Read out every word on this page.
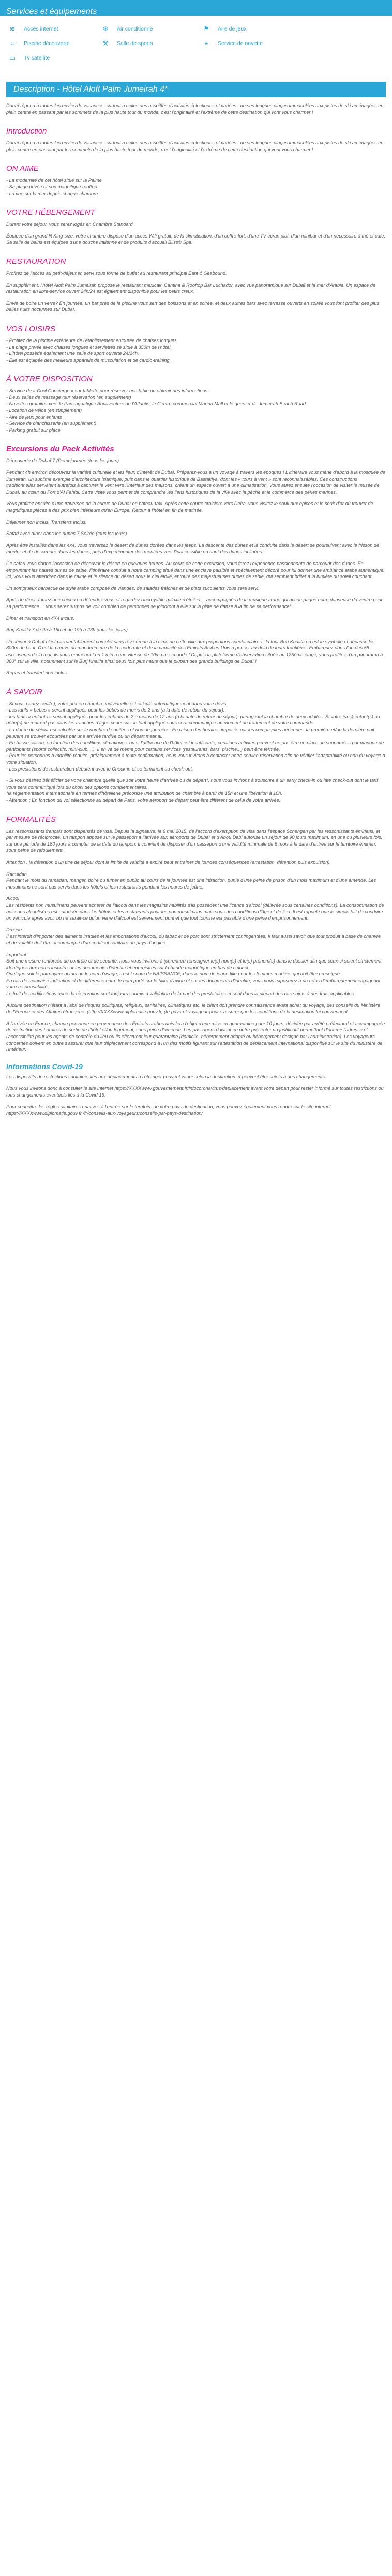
Services et équipements
≋	Accès internet	❄	Air conditionné	⚑	Aire de jeux
≈	Piscine découverte	⚒	Salle de sports	◓	Service de navette
▭	Tv satellite
Description - Hôtel Aloft Palm Jumeirah 4*

Dubaï répond à toutes les envies de vacances, surtout à celles des assoiffés d'activités éclectiques et variées : de ses longues plages immaculées aux pistes de ski aménagées en plein centre en passant par les sommets de la plus haute tour du monde, c'est l'originalité et l'extrême de cette destination qui vont vous charmer !

Introduction

Dubaï répond à toutes les envies de vacances, surtout à celles des assoiffés d'activités éclectiques et variées : de ses longues plages immaculées aux pistes de ski aménagées en plein centre en passant par les sommets de la plus haute tour du monde, c'est l'originalité et l'extrême de cette destination qui vont vous charmer !

ON AIME

- La modernité de cet hôtel situé sur la Palme

- Sa plage privée et son magnifique rooftop

- La vue sur la mer depuis chaque chambre

VOTRE HÉBERGEMENT

Durant votre séjour, vous serez logés en Chambre Standard.

Équipée d'un grand lit King-size, votre chambre dispose d'un accès Wifi gratuit, de la climatisation, d'un coffre-fort, d'une TV écran plat, d'un minibar et d'un nécessaire à thé et café. Sa salle de bains est équipée d'une douche italienne et de produits d'accueil Bliss® Spa.

RESTAURATION

Profitez de l'accès au petit-déjeuner, servi sous forme de buffet au restaurant principal Eant & Seabound.

En supplément, l'hôtel Aloft Palm Jumeirah propose le restaurant mexicain Cantina & Rooftop Bar Luchador, avec vue panoramique sur Dubaï et la mer d'Arabie. Un espace de restauration en libre-service ouvert 24h/24 est également disponible pour les petits creux.

Envie de boire un verre? En journée, un bar près de la piscine vous sert des boissons et en soirée, et deux autres bars avec terrasse ouverts en soirée vous font profiter des plus belles nuits nocturnes sur Dubaï.

VOS LOISIRS

- Profitez de la piscine extérieure de l'établissement entourée de chaises longues.

- La plage privée avec chaises longues et serviettes se situe à 350m de l'hôtel.

- L'hôtel possède également une salle de sport ouverte 24/24h.

- Elle est équipée des meilleurs appareils de musculation et de cardio-training.

À VOTRE DISPOSITION

- Service de « Cool Concierge » sur tablette pour réserver une table ou obtenir des informations

- Deux salles de massage (sur réservation *en supplément)

- Navettes gratuites vers le Parc aquatique Aquaventure de l'Atlantis, le Centre commercial Marina Mall et le quartier de Jumeirah Beach Road.

- Location de vélos (en supplément)

- Aire de jeux pour enfants

- Service de blanchisserie (en supplément)

- Parking gratuit sur place

Excursions du Pack Activités

Découverte de Dubaï 7 (Demi-journée (tous les jours)

Pendant 4h environ découvrez la variété culturelle et les lieux d'intérêt de Dubaï. Préparez-vous à un voyage à travers les époques ! L'itinéraire vous mène d'abord à la mosquée de Jumeirah, un sublime exemple d'architecture islamique, puis dans le quartier historique de Bastakiya, dont les « tours à vent » sont reconnaissables. Ces constructions traditionnelles servaient autrefois à capturer le vent vers l'intérieur des maisons, créant un espace ouvert à une climatisation. Vous aurez ensuite l'occasion de visiter le musée de Dubaï, au cœur du Fort d'Al Fahidi. Cette visite vous permet de comprendre les liens historiques de la ville avec la pêche et le commerce des perles marines.

Vous profitez ensuite d'une traversée de la crique de Dubaï en bateau-taxi. Après cette courte croisière vers Deira, vous visitez le souk aux épices et le souk d'or où trouver de magnifiques pièces à des prix bien inférieurs qu'en Europe. Retour à l'hôtel en fin de matinée.

Déjeuner non inclus. Transferts inclus.

Safari avec dîner dans les dunes 7 Soirée (tous les jours)

Après être installés dans les 4x4, vous traversez le désert de dunes dorées dans les jeeps. La descente des dunes et la conduite dans le désert se poursuivent avec le frisson de monter et de descendre dans les dunes, puis d'expérimenter des montées vers l'inaccessible en haut des dunes inclinées.

Ce safari vous donne l'occasion de découvrir le désert en quelques heures. Au cours de cette excursion, vous ferez l'expérience passionnante de parcourir des dunes. En empruntant les hautes dunes de sable, l'itinéraire conduit à notre camping situé dans une enclave paisible et spécialement décoré pour lui donner une ambiance arabe authentique. Ici, vous vous attendrez dans le calme et le silence du désert sous le ciel étoilé, entouré des majestueuses dunes de sable, qui semblent briller à la lumière du soleil couchant.

Un somptueux barbecue de style arabe composé de viandes, de salades fraîches et de plats succulents vous sera servi.

Après le dîner, fumez une chicha ou détendez-vous et regardez l'incroyable galaxie d'étoiles ... accompagnés de la musique arabe qui accompagne notre danseuse du ventre pour sa performance ... vous serez surpris de voir combien de personnes se joindront à elle sur la piste de danse à la fin de sa performance!

Dîner et transport en 4X4 inclus.

Burj Khalifa 7 de 9h à 15h et de 19h à 23h (tous les jours)

Un séjour à Dubaï n'est pas véritablement complet sans rêve rendu à la cime de cette ville aux proportions spectaculaires : la tour Burj Khalifa en est le symbole et dépasse les 800m de haut. C'est la preuve du mondérimètre de la modernité et de la capacité des Emirats Arabes Unis à penser au-delà de leurs frontières. Embarquez dans l'un des 58 ascenseurs de la tour, ils vous emmènent en 1 min à une vitesse de 10m par seconde ! Depuis la plateforme d'observation située au 125ème étage, vous profitez d'un panorama à 360° sur la ville, notamment sur le Burj Khalifa ainsi deux fois plus haute que le plupart des grands buildings de Dubaï !

Repas et transfert non inclus.

À SAVOIR

- Si vous partez seul(e), votre prix en chambre individuelle est calculé automatiquement dans votre devis.
- Les tarifs « bébés » seront appliqués pour les bébés de moins de 2 ans (à la date de retour du séjour).
- les tarifs « enfants » seront appliqués pour les enfants de 2 à moins de 12 ans (à la date de retour du séjour), partageant la chambre de deux adultes. Si votre (vos) enfant(s) ou bébé(s) ne rentrent pas dans les tranches d'âges ci-dessus, le tarif appliqué sous sera communiqué au moment du traitement de votre commande.
- La durée du séjour est calculée sur le nombre de nuitées et non de journées. En raison des horaires imposés par les compagnies aériennes, la première et/ou la dernière nuit peuvent se trouver écourtées par une arrivée tardive ou un départ matinal.
- En basse saison, en fonction des conditions climatiques, ou si l'affluence de l'hôtel est insuffisante, certaines activités peuvent ne pas être en place ou supprimées par manque de participants (sports collectifs, mini-club,...). Il en va de même pour certains services (restaurants, bars, piscine...) peut être fermée.
- Pour les personnes à mobilité réduite, préalablement à toute confirmation, nous vous invitons à contacter notre service réservation afin de vérifier l'adaptabilité ou non du voyage à votre situation.
- Les prestations de restauration débutent avec le Check-in et se terminent au check-out.

- Si vous désirez bénéficier de votre chambre quelle que soit votre heure d'arrivée ou de départ*, nous vous invitons à souscrire à un early check-in ou late check-out dont le tarif vous sera communiqué lors du choix des options complémentaires.
*la réglementation internationale en termes d'hôtellerie préconise une attribution de chambre à partir de 15h et une libération à 10h.
- Attention : En fonction du vol sélectionné au départ de Paris, votre aéroport de départ peut être différent de celui de votre arrivée.

FORMALITÉS

Les ressortissants français sont dispensés de visa. Depuis la signature, le 6 mai 2015, de l'accord d'exemption de visa dans l'espace Schengen par les ressortissants émiriens, et par mesure de réciprocité, un tampon apposé sur le passeport à l'arrivée aux aéroports de Dubaï et d'Abou Dabi autorise un séjour de 90 jours maximum, en une ou plusieurs fois, sur une période de 180 jours à compter de la date du tampon. Il convient de disposer d'un passeport d'une validité minimale de 6 mois à la date d'entrée sur le territoire émirien, sous peine de refoulement.

Attention : la détention d'un titre de séjour dont la limite de validité a expiré peut entraîner de lourdes conséquences (arrestation, détention puis expulsion).

Ramadan
Pendant le mois du ramadan, manger, boire ou fumer en public au cours de la journée est une infraction, punie d'une peine de prison d'un mois maximum et d'une amende. Les musulmans ne sont pas servis dans les hôtels et les restaurants pendant les heures de jeûne.

Alcool
Les résidents non musulmans peuvent acheter de l'alcool dans les magasins habilités s'ils possèdent une licence d'alcool (délivrée sous certaines conditions). La consommation de boissons alcoolisées est autorisée dans les hôtels et les restaurants pour les non musulmans mais sous des conditions d'âge et de lieu. Il est rappelé que le simple fait de conduire un véhicule après avoir bu ne serait-ce qu'un verre d'alcool est sévèrement puni et que tout touriste est passible d'une peine d'emprisonnement.

Drogue
Il est interdit d'importer des aliments irradiés et les importations d'alcool, du tabac et de porc sont strictement contingentées. Il faut aussi savoir que tout produit à base de chanvre et de volatile doit être accompagné d'un certificat sanitaire du pays d'origine.

Important :
Soit une mesure renforcée du contrôle et de sécurité, nous vous invitons à (ci)rentrer/ renseigner le(s) nom(s) et le(s) prénom(s) dans le dossier afin que ceux-ci soient strictement identiques aux noms inscrits sur les documents d'identité et enregistrés sur la bande magnétique en bas de celui-ci.
Quel que soit le patronyme actuel ou le nom d'usage, c'est le nom de NAISSANCE, donc le nom de jeune fille pour les femmes mariées qui doit être renseigné.
En cas de mauvaise indication et de différence entre le nom porté sur le billet d'avion et sur les documents d'identité, vous vous exposerez à un refus d'embarquement engageant votre responsabilité.
Le fruit de modifications après la réservation sont toujours soumis à validation de la part des prestataires et sont dans la plupart des cas sujets à des frais applicables.

Aucune destination n'étant à l'abri de risques politiques, religieux, sanitaires, climatiques etc. le client doit prendre connaissance avant achat du voyage, des conseils du Ministère de l'Europe et des Affaires étrangères (http://XXXXwww.diplomatie.gouv.fr, (fr/ pays-et-voyageur-pour s'assurer que les conditions de la destination lui conviennent.

A l'arrivée en France, chaque personne en provenance des Émirats arabes unis fera l'objet d'une mise en quarantaine pour 10 jours, décidée par arrêté préfectoral et accompagnée de restriction des horaires de sortie de l'hôtel et/ou logement, sous peine d'amende. Les passagers doivent en outre présenter un justificatif permettant d'obtenir l'adresse et l'accessibilité pour les agents de contrôle du lieu où ils effectuent leur quarantaine (domicile, hébergement adapté ou hébergement désigné par l'administration). Les voyageurs concernés doivent en outre s'assurer que leur déplacement correspond à l'un des motifs figurant sur l'attestation de déplacement international disponible sur le site du ministère de l'intérieur.

Informations Covid-19

Les dispositifs de restrictions sanitaires liés aux déplacements à l'étranger peuvent varier selon la destination et peuvent être sujets à des changements.

Nous vous invitons donc à consulter le site internet https://XXXXwww.gouvernement.fr/infocoronavirus/deplacement avant votre départ pour rester informé sur toutes restrictions ou tous changements éventuels liés à la Covid-19.

Pour connaître les règles sanitaires relatives à l'entrée sur le territoire de votre pays de destination, vous pouvez également vous rendre sur le site internet https://XXXXwww.diplomatie.gouv.fr /fr/conseils-aux-voyageurs/conseils-par-pays-destination/
